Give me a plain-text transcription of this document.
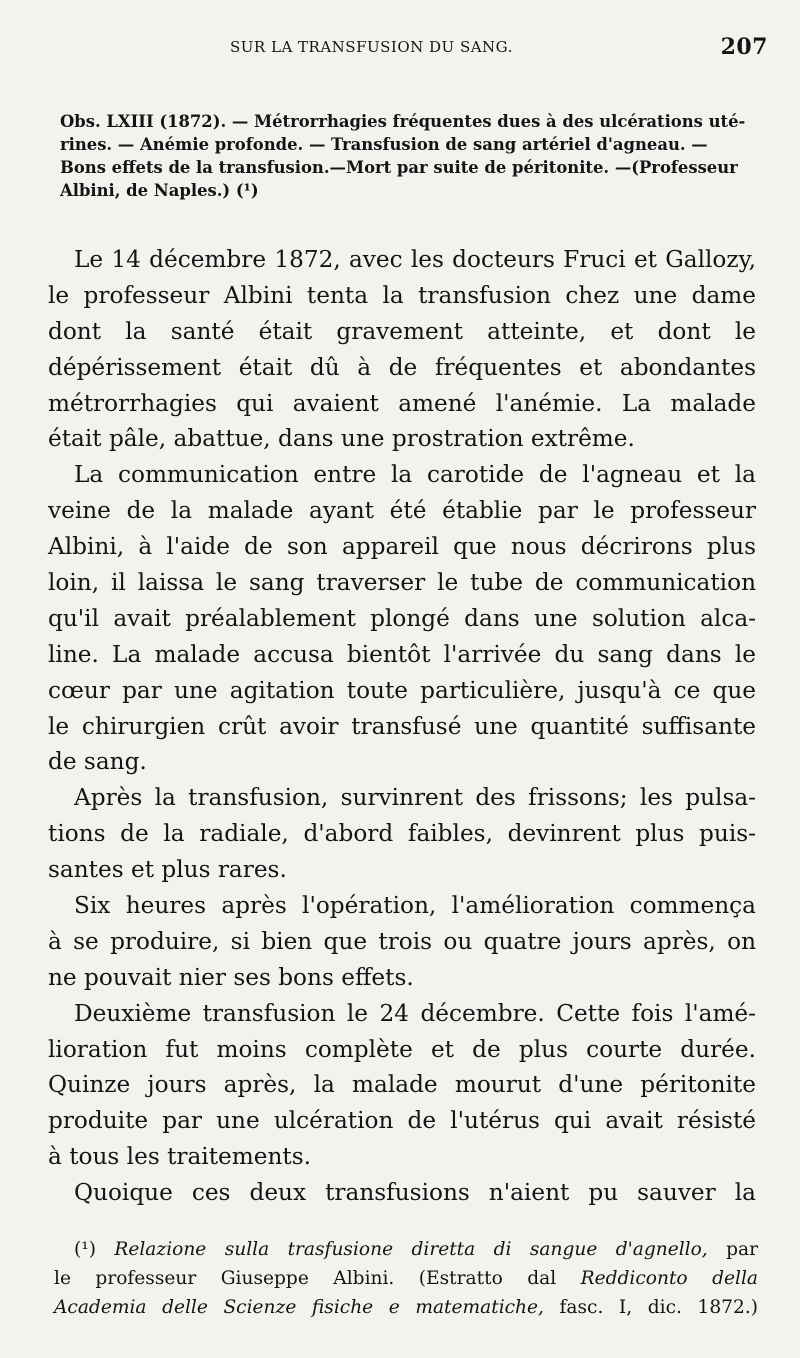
SUR LA TRANSFUSION DU SANG.	207
Obs. LXIII (1872). — Métrorrhagies fréquentes dues à des ulcérations uté-
rines. — Anémie profonde. — Transfusion de sang artériel d'agneau. —
Bons effets de la transfusion.—Mort par suite de péritonite. —(Professeur
Albini, de Naples.) (¹)
Le 14 décembre 1872, avec les docteurs Fruci et Gallozy,
le professeur Albini tenta la transfusion chez une dame
dont la santé était gravement atteinte, et dont le
dépérissement était dû à de fréquentes et abondantes
métrorrhagies qui avaient amené l'anémie. La malade
était pâle, abattue, dans une prostration extrême.
La communication entre la carotide de l'agneau et la
veine de la malade ayant été établie par le professeur
Albini, à l'aide de son appareil que nous décrirons plus
loin, il laissa le sang traverser le tube de communication
qu'il avait préalablement plongé dans une solution alca-
line. La malade accusa bientôt l'arrivée du sang dans le
cœur par une agitation toute particulière, jusqu'à ce que
le chirurgien crût avoir transfusé une quantité suffisante
de sang.
Après la transfusion, survinrent des frissons; les pulsa-
tions de la radiale, d'abord faibles, devinrent plus puis-
santes et plus rares.
Six heures après l'opération, l'amélioration commença
à se produire, si bien que trois ou quatre jours après, on
ne pouvait nier ses bons effets.
Deuxième transfusion le 24 décembre. Cette fois l'amé-
lioration fut moins complète et de plus courte durée.
Quinze jours après, la malade mourut d'une péritonite
produite par une ulcération de l'utérus qui avait résisté
à tous les traitements.
Quoique ces deux transfusions n'aient pu sauver la
(¹) Relazione sulla trasfusione diretta di sangue d'agnello, par
le professeur Giuseppe Albini. (Estratto dal Reddiconto della
Academia delle Scienze fisiche e matematiche, fasc. I, dic. 1872.)
